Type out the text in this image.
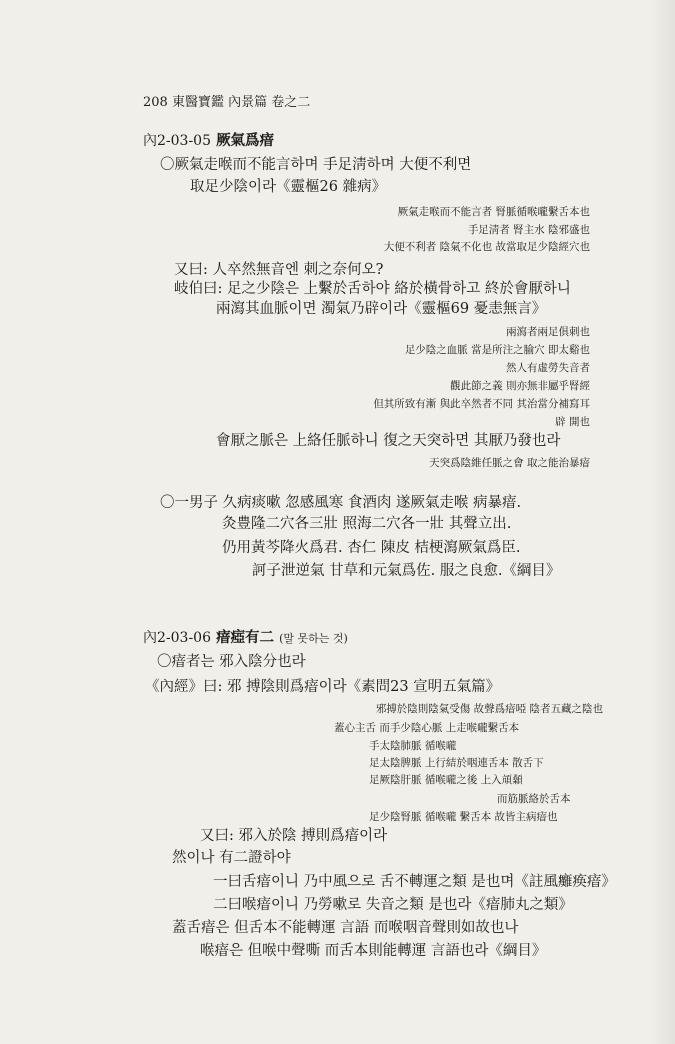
208 東醫寶鑑 內景篇 卷之二
內2-03-05 厥氣爲瘖
〇厥氣走喉而不能言하며 手足淸하며 大便不利면
取足少陰이라《靈樞26 雜病》
厥氣走喉而不能言者 腎脈循喉嚨繫舌本也
手足淸者 腎主水 陰邪盛也
大便不利者 陰氣不化也 故當取足少陰經穴也
又曰: 人卒然無音엔 刺之奈何오?
岐伯曰: 足之少陰은 上繫於舌하야 絡於橫骨하고 終於會厭하니
兩瀉其血脈이면 濁氣乃辟이라《靈樞69 憂恚無言》
兩瀉者兩足俱刺也
足少陰之血脈 當是所注之腧穴 即太谿也
然人有虛勞失音者
觀此節之義 則亦無非屬乎腎經
但其所致有漸 與此卒然者不同 其治當分補寫耳
辟 開也
會厭之脈은 上絡任脈하니 復之天突하면 其厭乃發也라
天突爲陰維任脈之會 取之能治暴瘖
〇一男子 久病痰嗽 忽感風寒 食酒肉 遂厥氣走喉 病暴瘖.
灸豊隆二穴各三壯 照海二穴各一壯 其聲立出.
仍用黃芩降火爲君. 杏仁 陳皮 桔梗瀉厥氣爲臣.
訶子泄逆氣 甘草和元氣爲佐. 服之良愈.《綱目》
內2-03-06 瘖瘂有二 (말 못하는 것)
〇瘖者는 邪入陰分也라
《內經》曰: 邪 搏陰則爲瘖이라《素問23 宣明五氣篇》
邪搏於陰則陰氣受傷 故聲爲瘖啞 陰者五藏之陰也
蓋心主舌 而手少陰心脈 上走喉嚨繫舌本
手太陰肺脈 循喉嚨
足太陰脾脈 上行結於咽連舌本 散舌下
足厥陰肝脈 循喉嚨之後 上入頏顙
而筋脈絡於舌本
足少陰腎脈 循喉嚨 繫舌本 故皆主病瘖也
又曰: 邪入於陰 搏則爲瘖이라
然이나 有二證하야
一曰舌瘖이니 乃中風으로 舌不轉運之類 是也며《註風癱痪瘖》
二曰喉瘖이니 乃勞嗽로 失音之類 是也라《瘖肺丸之類》
蓋舌瘖은 但舌本不能轉運 言語 而喉咽音聲則如故也나
喉瘖은 但喉中聲嘶 而舌本則能轉運 言語也라《綱目》
